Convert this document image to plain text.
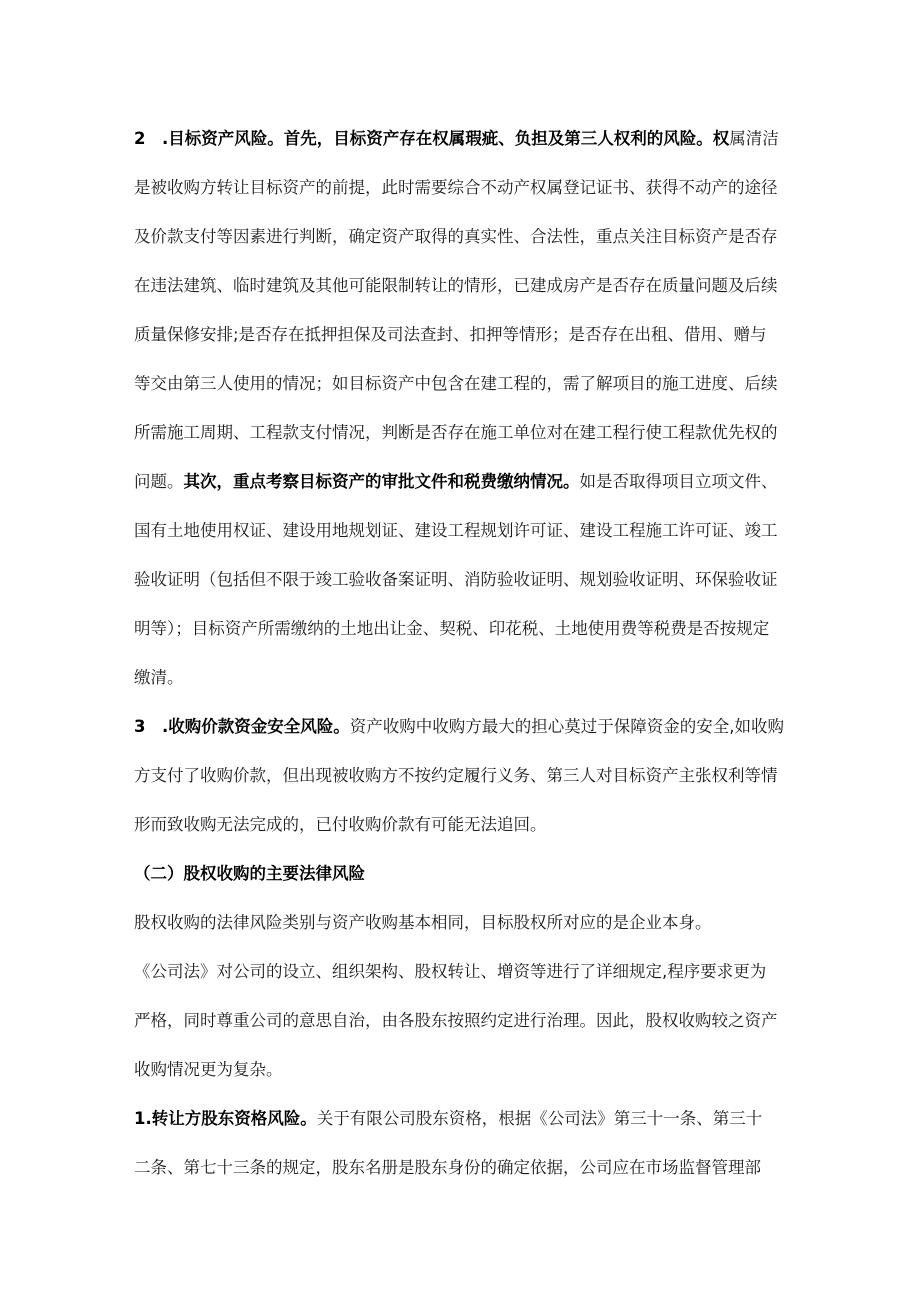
2　.目标资产风险。首先，目标资产存在权属瑕疵、负担及第三人权利的风险。权属清洁
是被收购方转让目标资产的前提，此时需要综合不动产权属登记证书、获得不动产的途径
及价款支付等因素进行判断，确定资产取得的真实性、合法性，重点关注目标资产是否存
在违法建筑、临时建筑及其他可能限制转让的情形，已建成房产是否存在质量问题及后续
质量保修安排;是否存在抵押担保及司法查封、扣押等情形；是否存在出租、借用、赠与
等交由第三人使用的情况；如目标资产中包含在建工程的，需了解项目的施工进度、后续
所需施工周期、工程款支付情况，判断是否存在施工单位对在建工程行使工程款优先权的
问题。其次，重点考察目标资产的审批文件和税费缴纳情况。如是否取得项目立项文件、
国有土地使用权证、建设用地规划证、建设工程规划许可证、建设工程施工许可证、竣工
验收证明（包括但不限于竣工验收备案证明、消防验收证明、规划验收证明、环保验收证
明等）；目标资产所需缴纳的土地出让金、契税、印花税、土地使用费等税费是否按规定
缴清。
3　.收购价款资金安全风险。资产收购中收购方最大的担心莫过于保障资金的安全,如收购
方支付了收购价款，但出现被收购方不按约定履行义务、第三人对目标资产主张权利等情
形而致收购无法完成的，已付收购价款有可能无法追回。
（二）股权收购的主要法律风险
股权收购的法律风险类别与资产收购基本相同，目标股权所对应的是企业本身。
《公司法》对公司的设立、组织架构、股权转让、增资等进行了详细规定,程序要求更为
严格，同时尊重公司的意思自治，由各股东按照约定进行治理。因此，股权收购较之资产
收购情况更为复杂。
1.转让方股东资格风险。关于有限公司股东资格，根据《公司法》第三十一条、第三十
二条、第七十三条的规定，股东名册是股东身份的确定依据，公司应在市场监督管理部
